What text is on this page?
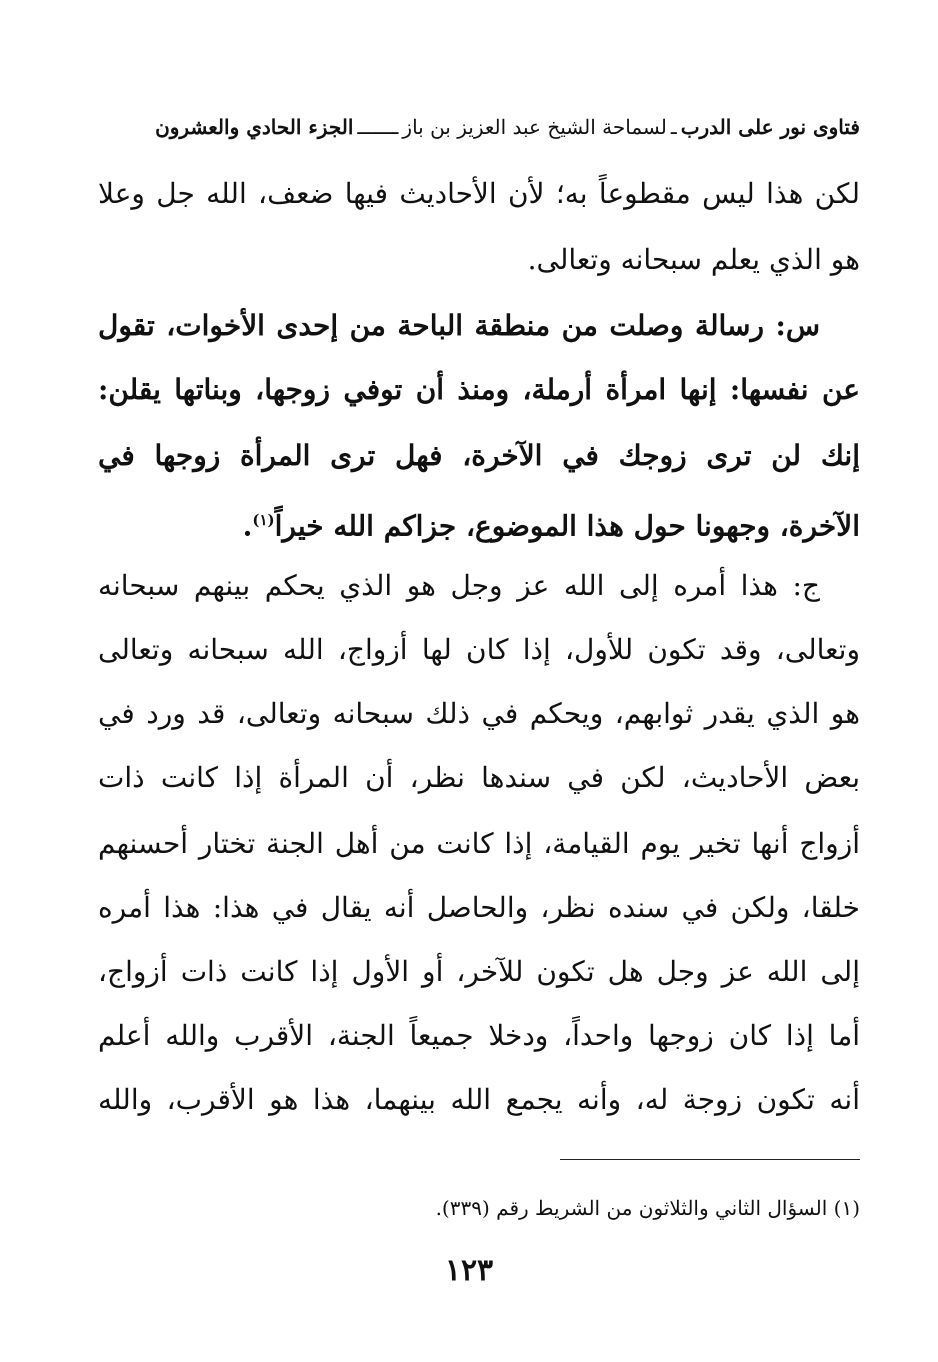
فتاوى نور على الدرب
ـ
لسماحة الشيخ عبد العزيز بن باز
ـــــــ
الجزء الحادي والعشرون
لكن هذا ليس مقطوعاً به؛ لأن الأحاديث فيها ضعف، الله جل وعلا
هو الذي يعلم سبحانه وتعالى.
س: رسالة وصلت من منطقة الباحة من إحدى الأخوات، تقول
عن نفسها: إنها امرأة أرملة، ومنذ أن توفي زوجها، وبناتها يقلن:
إنك لن ترى زوجك في الآخرة، فهل ترى المرأة زوجها في
الآخرة، وجهونا حول هذا الموضوع، جزاكم الله خيراً$^{(١)}$.
ج: هذا أمره إلى الله عز وجل هو الذي يحكم بينهم سبحانه
وتعالى، وقد تكون للأول، إذا كان لها أزواج، الله سبحانه وتعالى
هو الذي يقدر ثوابهم، ويحكم في ذلك سبحانه وتعالى، قد ورد في
بعض الأحاديث، لكن في سندها نظر، أن المرأة إذا كانت ذات
أزواج أنها تخير يوم القيامة، إذا كانت من أهل الجنة تختار أحسنهم
خلقا، ولكن في سنده نظر، والحاصل أنه يقال في هذا: هذا أمره
إلى الله عز وجل هل تكون للآخر، أو الأول إذا كانت ذات أزواج،
أما إذا كان زوجها واحداً، ودخلا جميعاً الجنة، الأقرب والله أعلم
أنه تكون زوجة له، وأنه يجمع الله بينهما، هذا هو الأقرب، والله
(١) السؤال الثاني والثلاثون من الشريط رقم (٣٣٩).
١٢٣
